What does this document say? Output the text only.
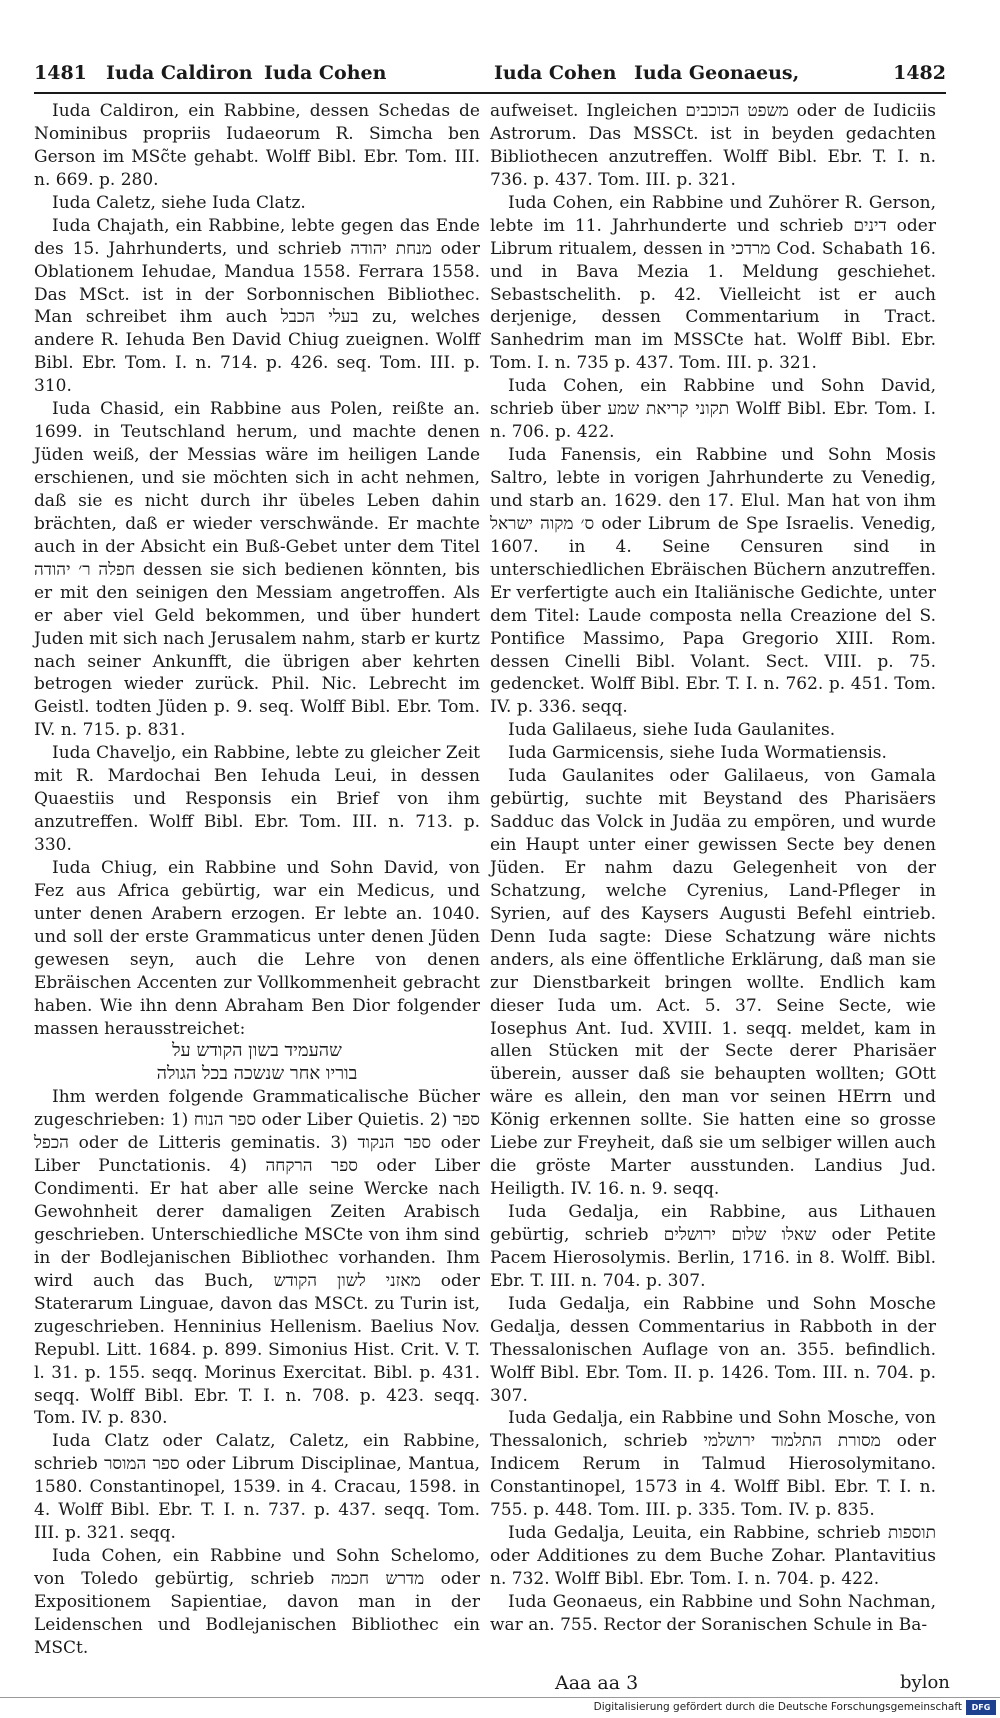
1481 Iuda Caldiron Iuda Cohen	Iuda Cohen Iuda Geonaeus,	1482

Iuda Caldiron, ein Rabbine, dessen Schedas de Nominibus propriis Iudaeorum R. Simcha ben Gerson im MSc̃te gehabt. Wolff Bibl. Ebr. Tom. III. n. 669. p. 280.

Iuda Caletz, siehe Iuda Clatz.

Iuda Chajath, ein Rabbine, lebte gegen das Ende des 15. Jahrhunderts, und schrieb מנחת יהודה oder Oblationem Iehudae, Mandua 1558. Ferrara 1558. Das MSct. ist in der Sorbonnischen Bibliothec. Man schreibet ihm auch בעלי הכבל zu, welches andere R. Iehuda Ben David Chiug zueignen. Wolff Bibl. Ebr. Tom. I. n. 714. p. 426. seq. Tom. III. p. 310.

Iuda Chasid, ein Rabbine aus Polen, reißte an. 1699. in Teutschland herum, und machte denen Jüden weiß, der Messias wäre im heiligen Lande erschienen, und sie möchten sich in acht nehmen, daß sie es nicht durch ihr übeles Leben dahin brächten, daß er wieder verschwände. Er machte auch in der Absicht ein Buß-Gebet unter dem Titel חפלה ר׳ יהודה dessen sie sich bedienen könnten, bis er mit den seinigen den Messiam angetroffen. Als er aber viel Geld bekommen, und über hundert Juden mit sich nach Jerusalem nahm, starb er kurtz nach seiner Ankunfft, die übrigen aber kehrten betrogen wieder zurück. Phil. Nic. Lebrecht im Geistl. todten Jüden p. 9. seq. Wolff Bibl. Ebr. Tom. IV. n. 715. p. 831.

Iuda Chaveljo, ein Rabbine, lebte zu gleicher Zeit mit R. Mardochai Ben Iehuda Leui, in dessen Quaestiis und Responsis ein Brief von ihm anzutreffen. Wolff Bibl. Ebr. Tom. III. n. 713. p. 330.

Iuda Chiug, ein Rabbine und Sohn David, von Fez aus Africa gebürtig, war ein Medicus, und unter denen Arabern erzogen. Er lebte an. 1040. und soll der erste Grammaticus unter denen Jüden gewesen seyn, auch die Lehre von denen Ebräischen Accenten zur Vollkommenheit gebracht haben. Wie ihn denn Abraham Ben Dior folgender massen herausstreichet:

שהעמיד בשון הקודש על

בוריו אחר שנשכה בכל הגולה

Ihm werden folgende Grammaticalische Bücher zugeschrieben: 1) ספר הנוח oder Liber Quietis. 2) ספר הכפל oder de Litteris geminatis. 3) ספר הנקוד oder Liber Punctationis. 4) ספר הרקחה oder Liber Condimenti. Er hat aber alle seine Wercke nach Gewohnheit derer damaligen Zeiten Arabisch geschrieben. Unterschiedliche MSCte von ihm sind in der Bodlejanischen Bibliothec vorhanden. Ihm wird auch das Buch, מאזני לשון הקודש oder Staterarum Linguae, davon das MSCt. zu Turin ist, zugeschrieben. Henninius Hellenism. Baelius Nov. Republ. Litt. 1684. p. 899. Simonius Hist. Crit. V. T. l. 31. p. 155. seqq. Morinus Exercitat. Bibl. p. 431. seqq. Wolff Bibl. Ebr. T. I. n. 708. p. 423. seqq. Tom. IV. p. 830.

Iuda Clatz oder Calatz, Caletz, ein Rabbine, schrieb ספר המוסר oder Librum Disciplinae, Mantua, 1580. Constantinopel, 1539. in 4. Cracau, 1598. in 4. Wolff Bibl. Ebr. T. I. n. 737. p. 437. seqq. Tom. III. p. 321. seqq.

Iuda Cohen, ein Rabbine und Sohn Schelomo, von Toledo gebürtig, schrieb מדרש חכמה oder Expositionem Sapientiae, davon man in der Leidenschen und Bodlejanischen Bibliothec ein MSCt.

aufweiset. Ingleichen משפט הכוכבים oder de Iudiciis Astrorum. Das MSSCt. ist in beyden gedachten Bibliothecen anzutreffen. Wolff Bibl. Ebr. T. I. n. 736. p. 437. Tom. III. p. 321.

Iuda Cohen, ein Rabbine und Zuhörer R. Gerson, lebte im 11. Jahrhunderte und schrieb דינים oder Librum ritualem, dessen in מרדכי Cod. Schabath 16. und in Bava Mezia 1. Meldung geschiehet. Sebastschelith. p. 42. Vielleicht ist er auch derjenige, dessen Commentarium in Tract. Sanhedrim man im MSSCte hat. Wolff Bibl. Ebr. Tom. I. n. 735 p. 437. Tom. III. p. 321.

Iuda Cohen, ein Rabbine und Sohn David, schrieb über תקוני קריאת שמע Wolff Bibl. Ebr. Tom. I. n. 706. p. 422.

Iuda Fanensis, ein Rabbine und Sohn Mosis Saltro, lebte in vorigen Jahrhunderte zu Venedig, und starb an. 1629. den 17. Elul. Man hat von ihm ס׳ מקוה ישראל oder Librum de Spe Israelis. Venedig, 1607. in 4. Seine Censuren sind in unterschiedlichen Ebräischen Büchern anzutreffen. Er verfertigte auch ein Italiänische Gedichte, unter dem Titel: Laude composta nella Creazione del S. Pontifice Massimo, Papa Gregorio XIII. Rom. dessen Cinelli Bibl. Volant. Sect. VIII. p. 75. gedencket. Wolff Bibl. Ebr. T. I. n. 762. p. 451. Tom. IV. p. 336. seqq.

Iuda Galilaeus, siehe Iuda Gaulanites.

Iuda Garmicensis, siehe Iuda Wormatiensis.

Iuda Gaulanites oder Galilaeus, von Gamala gebürtig, suchte mit Beystand des Pharisäers Sadduc das Volck in Judäa zu empören, und wurde ein Haupt unter einer gewissen Secte bey denen Jüden. Er nahm dazu Gelegenheit von der Schatzung, welche Cyrenius, Land-Pfleger in Syrien, auf des Kaysers Augusti Befehl eintrieb. Denn Iuda sagte: Diese Schatzung wäre nichts anders, als eine öffentliche Erklärung, daß man sie zur Dienstbarkeit bringen wollte. Endlich kam dieser Iuda um. Act. 5. 37. Seine Secte, wie Iosephus Ant. Iud. XVIII. 1. seqq. meldet, kam in allen Stücken mit der Secte derer Pharisäer überein, ausser daß sie behaupten wollten; GOtt wäre es allein, den man vor seinen HErrn und König erkennen sollte. Sie hatten eine so grosse Liebe zur Freyheit, daß sie um selbiger willen auch die gröste Marter ausstunden. Landius Jud. Heiligth. IV. 16. n. 9. seqq.

Iuda Gedalja, ein Rabbine, aus Lithauen gebürtig, schrieb שאלו שלום ירושלים oder Petite Pacem Hierosolymis. Berlin, 1716. in 8. Wolff. Bibl. Ebr. T. III. n. 704. p. 307.

Iuda Gedalja, ein Rabbine und Sohn Mosche Gedalja, dessen Commentarius in Rabboth in der Thessalonischen Auflage von an. 355. befindlich. Wolff Bibl. Ebr. Tom. II. p. 1426. Tom. III. n. 704. p. 307.

Iuda Gedalja, ein Rabbine und Sohn Mosche, von Thessalonich, schrieb מסורת התלמוד ירושלמי oder Indicem Rerum in Talmud Hierosolymitano. Constantinopel, 1573 in 4. Wolff Bibl. Ebr. T. I. n. 755. p. 448. Tom. III. p. 335. Tom. IV. p. 835.

Iuda Gedalja, Leuita, ein Rabbine, schrieb תוספות oder Additiones zu dem Buche Zohar. Plantavitius n. 732. Wolff Bibl. Ebr. Tom. I. n. 704. p. 422.

Iuda Geonaeus, ein Rabbine und Sohn Nachman, war an. 755. Rector der Soranischen Schule in Ba-

Aaa aa 3	bylon
Digitalisierung gefördert durch die Deutsche Forschungsgemeinschaft	DFG
